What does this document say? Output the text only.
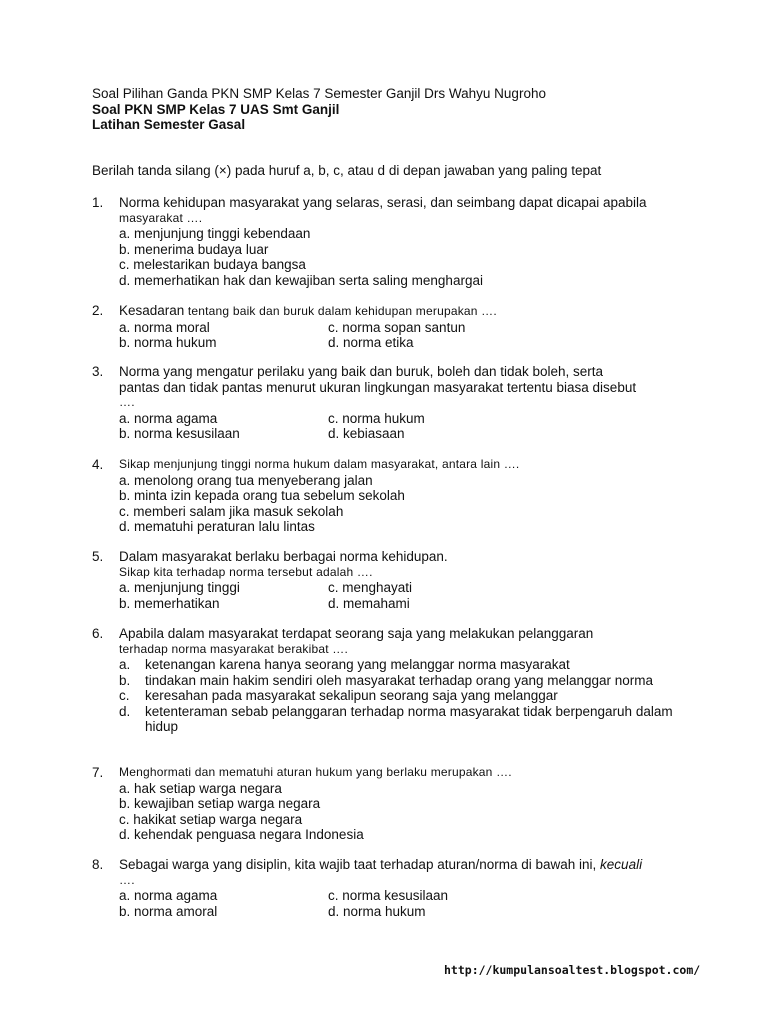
Soal Pilihan Ganda PKN SMP Kelas 7 Semester Ganjil Drs Wahyu Nugroho
Soal PKN SMP Kelas 7 UAS Smt Ganjil
Latihan Semester Gasal
Berilah tanda silang (×) pada huruf a, b, c, atau d di depan jawaban yang paling tepat
1. Norma kehidupan masyarakat yang selaras, serasi, dan seimbang dapat dicapai apabila
masyarakat ….
a. menjunjung tinggi kebendaan
b. menerima budaya luar
c. melestarikan budaya bangsa
d. memerhatikan hak dan kewajiban serta saling menghargai
2. Kesadaran tentang baik dan buruk dalam kehidupan merupakan ….
a. norma moral	c. norma sopan santun
b. norma hukum	d. norma etika
3. Norma yang mengatur perilaku yang baik dan buruk, boleh dan tidak boleh, serta
pantas dan tidak pantas menurut ukuran lingkungan masyarakat tertentu biasa disebut
….
a. norma agama	c. norma hukum
b. norma kesusilaan	d. kebiasaan
4. Sikap menjunjung tinggi norma hukum dalam masyarakat, antara lain ….
a. menolong orang tua menyeberang jalan
b. minta izin kepada orang tua sebelum sekolah
c. memberi salam jika masuk sekolah
d. mematuhi peraturan lalu lintas
5. Dalam masyarakat berlaku berbagai norma kehidupan.
Sikap kita terhadap norma tersebut adalah ….
a. menjunjung tinggi	c. menghayati
b. memerhatikan	d. memahami
6. Apabila dalam masyarakat terdapat seorang saja yang melakukan pelanggaran
terhadap norma masyarakat berakibat ….
a.	ketenangan karena hanya seorang yang melanggar norma masyarakat
b.	tindakan main hakim sendiri oleh masyarakat terhadap orang yang melanggar norma
c.	keresahan pada masyarakat sekalipun seorang saja yang melanggar
d.	ketenteraman sebab pelanggaran terhadap norma masyarakat tidak berpengaruh dalam hidup
7. Menghormati dan mematuhi aturan hukum yang berlaku merupakan ….
a. hak setiap warga negara
b. kewajiban setiap warga negara
c. hakikat setiap warga negara
d. kehendak penguasa negara Indonesia
8. Sebagai warga yang disiplin, kita wajib taat terhadap aturan/norma di bawah ini, kecuali
….
a. norma agama	c. norma kesusilaan
b. norma amoral	d. norma hukum
http://kumpulansoaltest.blogspot.com/
